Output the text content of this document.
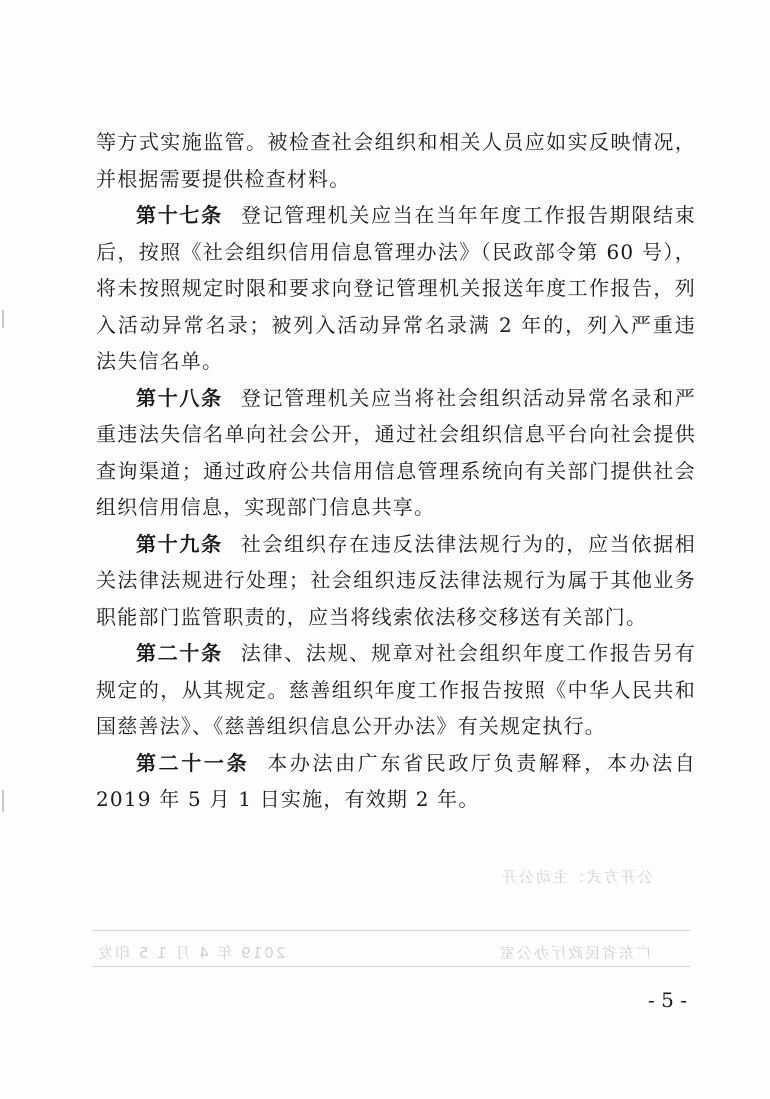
等方式实施监管。被检查社会组织和相关人员应如实反映情况，并根据需要提供检查材料。

第十七条 登记管理机关应当在当年年度工作报告期限结束后，按照《社会组织信用信息管理办法》（民政部令第 60 号），将未按照规定时限和要求向登记管理机关报送年度工作报告，列入活动异常名录；被列入活动异常名录满 2 年的，列入严重违法失信名单。

第十八条 登记管理机关应当将社会组织活动异常名录和严重违法失信名单向社会公开，通过社会组织信息平台向社会提供查询渠道；通过政府公共信用信息管理系统向有关部门提供社会组织信用信息，实现部门信息共享。

第十九条 社会组织存在违反法律法规行为的，应当依据相关法律法规进行处理；社会组织违反法律法规行为属于其他业务职能部门监管职责的，应当将线索依法移交移送有关部门。

第二十条 法律、法规、规章对社会组织年度工作报告另有规定的，从其规定。慈善组织年度工作报告按照《中华人民共和国慈善法》、《慈善组织信息公开办法》有关规定执行。

第二十一条 本办法由广东省民政厅负责解释，本办法自 2019 年 5 月 1 日实施，有效期 2 年。

公开方式：主动公开
2019 年 4 月 1 5 印发	广东省民政厅办公室
- 5 -
